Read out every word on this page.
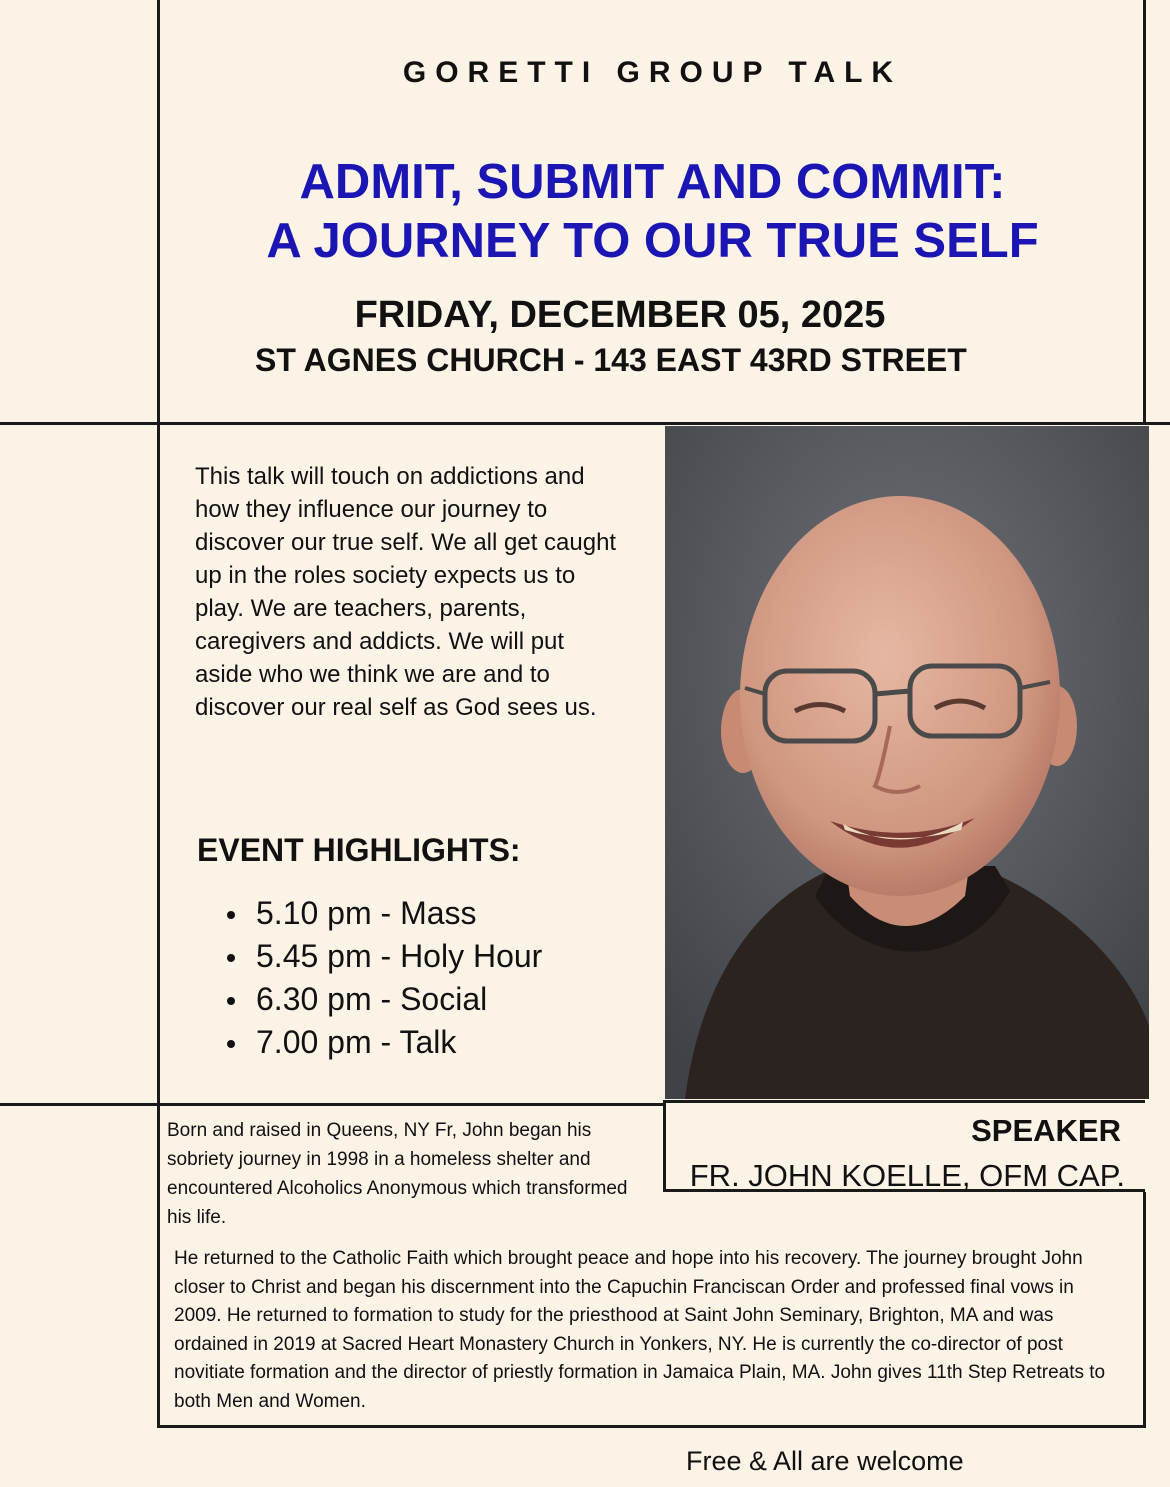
GORETTI GROUP TALK
ADMIT, SUBMIT AND COMMIT:
A JOURNEY TO OUR TRUE SELF
FRIDAY, DECEMBER 05, 2025
ST AGNES CHURCH - 143 EAST 43RD STREET
This talk will touch on addictions and how they influence our journey to discover our true self. We all get caught up in the roles society expects us to play. We are teachers, parents, caregivers and addicts. We will put aside who we think we are and to discover our real self as God sees us.
EVENT HIGHLIGHTS:
5.10 pm - Mass
5.45 pm - Holy Hour
6.30 pm - Social
7.00 pm - Talk
Born and raised in Queens, NY Fr, John began his sobriety journey in 1998 in a homeless shelter and encountered Alcoholics Anonymous which transformed his life.
SPEAKER
FR. JOHN KOELLE, OFM CAP.
He returned to the Catholic Faith which brought peace and hope into his recovery. The journey brought John closer to Christ and began his discernment into the Capuchin Franciscan Order and professed final vows in 2009. He returned to formation to study for the priesthood at Saint John Seminary, Brighton, MA and was ordained in 2019 at Sacred Heart Monastery Church in Yonkers, NY. He is currently the co-director of post novitiate formation and the director of priestly formation in Jamaica Plain, MA. John gives 11th Step Retreats to both Men and Women.
Free & All are welcome
